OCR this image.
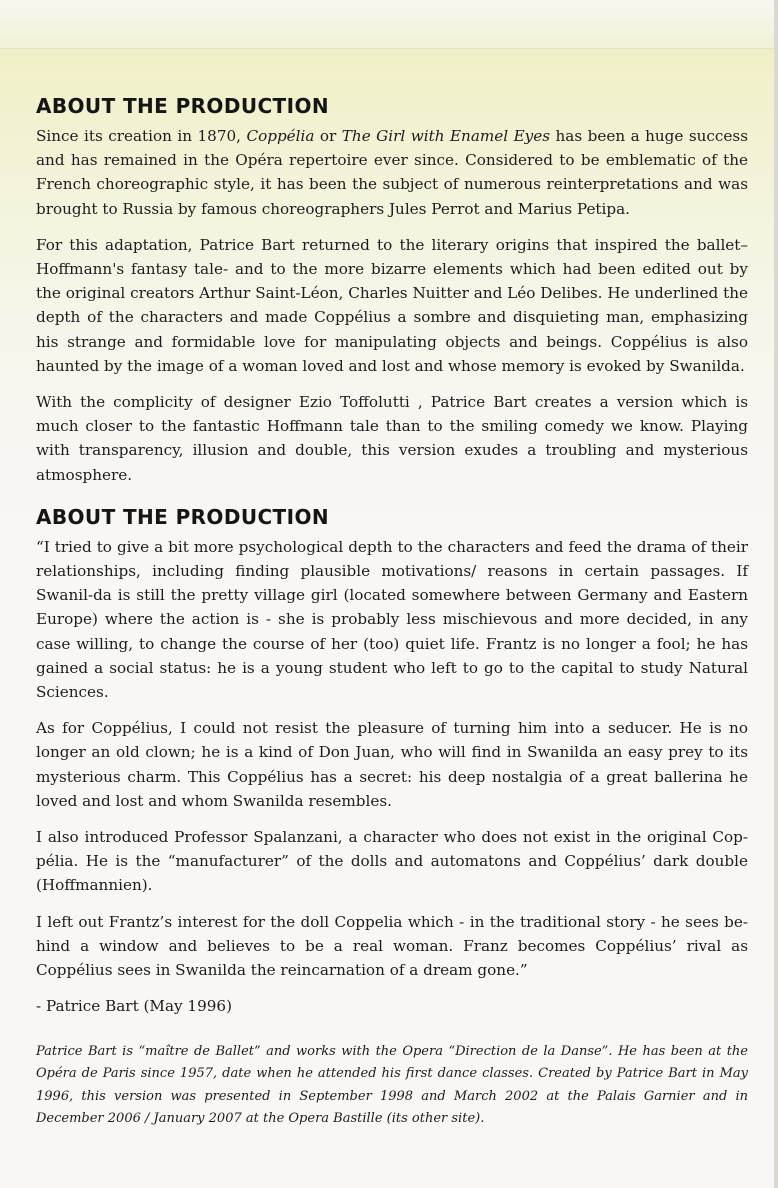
ABOUT THE PRODUCTION

Since its creation in 1870, Coppélia or The Girl with Enamel Eyes has been a huge success and has remained in the Opéra repertoire ever since. Considered to be emblematic of the French choreographic style, it has been the subject of numerous reinterpretations and was brought to Russia by famous choreographers Jules Perrot and Marius Petipa.

For this adaptation, Patrice Bart returned to the literary origins that inspired the ballet– Hoffmann's fantasy tale- and to the more bizarre elements which had been edited out by the original creators Arthur Saint-Léon, Charles Nuitter and Léo Delibes. He underlined the depth of the characters and made Coppélius a sombre and disquieting man, emphasizing his strange and formidable love for manipulating objects and beings. Coppélius is also haunted by the image of a woman loved and lost and whose memory is evoked by Swanilda.

With the complicity of designer Ezio Toffolutti , Patrice Bart creates a version which is much closer to the fantastic Hoffmann tale than to the smiling comedy we know. Playing with transparency, illusion and double, this version exudes a troubling and mysterious atmosphere.

ABOUT THE PRODUCTION

“I tried to give a bit more psychological depth to the characters and feed the drama of their relationships, including finding plausible motivations/ reasons in certain passages. If Swanil-da is still the pretty village girl (located somewhere between Germany and Eastern Europe) where the action is - she is probably less mischievous and more decided, in any case willing, to change the course of her (too) quiet life. Frantz is no longer a fool; he has gained a social status: he is a young student who left to go to the capital to study Natural Sciences.

As for Coppélius, I could not resist the pleasure of turning him into a seducer. He is no longer an old clown; he is a kind of Don Juan, who will find in Swanilda an easy prey to its mysterious charm. This Coppélius has a secret: his deep nostalgia of a great ballerina he loved and lost and whom Swanilda resembles.

I also introduced Professor Spalanzani, a character who does not exist in the original Cop-pélia. He is the “manufacturer” of the dolls and automatons and Coppélius’ dark double (Hoffmannien).

I left out Frantz’s interest for the doll Coppelia which - in the traditional story - he sees be-hind a window and believes to be a real woman. Franz becomes Coppélius’ rival as Coppélius sees in Swanilda the reincarnation of a dream gone.”

- Patrice Bart (May 1996)

Patrice Bart is “maître de Ballet” and works with the Opera “Direction de la Danse”. He has been at the Opéra de Paris since 1957, date when he attended his first dance classes. Created by Patrice Bart in May 1996, this version was presented in September 1998 and March 2002 at the Palais Garnier and in December 2006 / January 2007 at the Opera Bastille (its other site).
